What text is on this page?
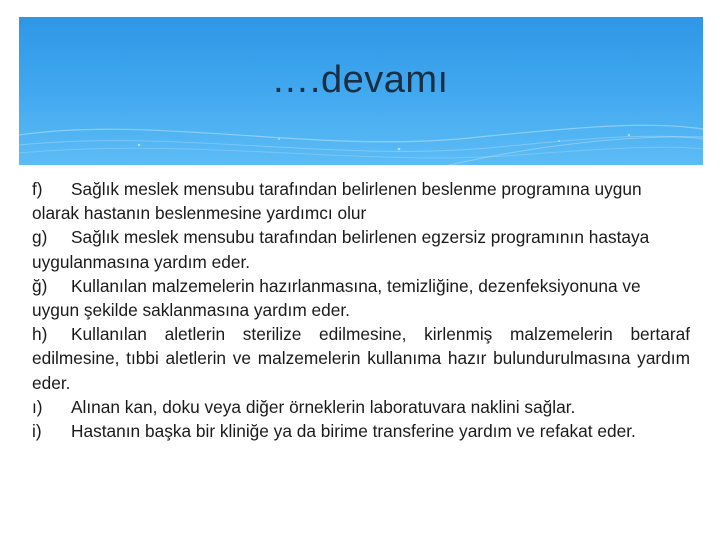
….devamı

f) Sağlık meslek mensubu tarafından belirlenen beslenme programına uygun olarak hastanın beslenmesine yardımcı olur

g) Sağlık meslek mensubu tarafından belirlenen egzersiz programının hastaya uygulanmasına yardım eder.

ğ) Kullanılan malzemelerin hazırlanmasına, temizliğine, dezenfeksiyonuna ve uygun şekilde saklanmasına yardım eder.

h) Kullanılan aletlerin sterilize edilmesine, kirlenmiş malzemelerin bertaraf edilmesine, tıbbi aletlerin ve malzemelerin kullanıma hazır bulundurulmasına yardım eder.

ı) Alınan kan, doku veya diğer örneklerin laboratuvara naklini sağlar.

i) Hastanın başka bir kliniğe ya da birime transferine yardım ve refakat eder.
